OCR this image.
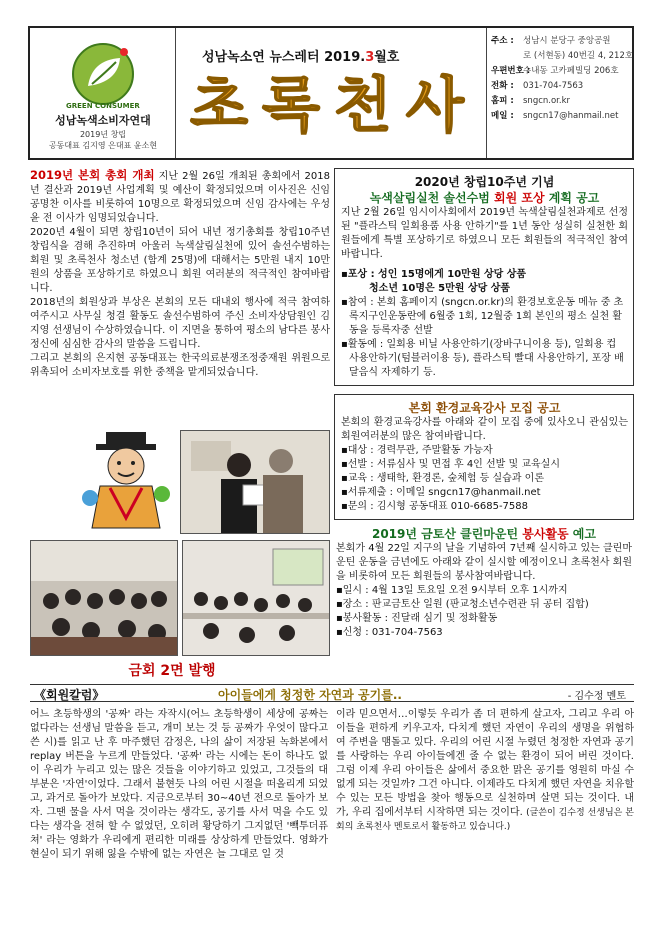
GREEN CONSUMER
성남녹색소비자연대
2019년 창립
공동대표 김지영 은대표 윤소현
성남녹소연 뉴스레터 2019.3월호
초록천사
주소 :	성남시 분당구 중앙공원
로 (서현동) 40번길 4, 212호
우편번호 :
수내동 고카페빌딩 206호
전화 :	031-704-7563
홈피 :	sngcn.or.kr
메일 :	sngcn17@hanmail.net

2019년 본회 총회 개최 지난 2월 26일 개최된 총회에서 2018년 결산과 2019년 사업계획 및 예산이 확정되었으며 이사진은 신임 공명찬 이사를 비롯하여 10명으로 확정되었으며 신임 감사에는 우성윤 전 이사가 임명되었습니다.

2020년 4월이 되면 창립10년이 되어 내년 정기총회를 창립10주년 창립식을 겸해 추진하며 아울러 녹색살림실천에 있어 솔선수범하는 회원 및 초록천사 청소년 (함계 25명)에 대해서는 5만원 내지 10만원의 상품을 포상하기로 하였으니 회원 여러분의 적극적인 참여바랍니다.

2018년의 회원상과 부상은 본회의 모든 대내외 행사에 적극 참여하여주시고 사무실 청결 활동도 솔선수범하여 주신 소비자상담원인 김지영 선생님이 수상하였습니다. 이 지면을 통하여 평소의 남다른 봉사정신에 심심한 감사의 말씀을 드립니다.

그리고 본회의 은지현 공동대표는 한국의료분쟁조정중재원 위원으로 위촉되어 소비자보호를 위한 중책을 맡게되었습니다.

금회 2면 발행
2020년 창립10주년 기념
녹색살림실천 솔선수범 회원 포상 계획 공고

지난 2월 26일 임시이사회에서 2019년 녹색살림실천과제로 선정된 "플라스틱 일회용품 사용 안하기"를 1년 동안 성실히 실천한 회원들에게 특별 포상하기로 하였으니 모든 회원들의 적극적인 참여바랍니다.

▪포상 : 성인 15명에게 10만원 상당 상품
청소년 10명은 5만원 상당 상품
▪참여 : 본회 홈페이지 (sngcn.or.kr)의 환경보호운동 메뉴 중 초록지구인운동란에 6월중 1회, 12월중 1회 본인의 평소 실천 활동을 등록자중 선발
▪활동예 : 일회용 비닐 사용안하기(장바구니이용 등), 일회용 컵 사용안하기(텀블러이용 등), 플라스틱 빨대 사용안하기, 포장 배달음식 자제하기 등.
본회 환경교육강사 모집 공고

본회의 환경교육강사를 아래와 같이 모집 중에 있사오니 관심있는 회원여러분의 많은 참여바랍니다.

▪대상 : 경력무관, 주말활동 가능자
▪선발 : 서류심사 및 면접 후 4인 선발 및 교육실시
▪교육 : 생태학, 환경론, 숲체험 등 실습과 이론
▪서류제출 : 이메일 sngcn17@hanmail.net
▪문의 : 김시형 공동대표 010-6685-7588
2019년 금토산 클린마운틴 봉사활동 예고

본회가 4월 22일 지구의 날을 기념하여 7년째 실시하고 있는 클린마운틴 운동을 금년에도 아래와 같이 실시할 예정이오니 초록천사 회원을 비롯하여 모든 회원들의 봉사참여바랍니다.

▪일시 : 4월 13일 토요일 오전 9시부터 오후 1시까지
▪장소 : 판교금토산 일원 (판교청소년수련관 뒤 공터 집합)
▪봉사활동 : 진달래 심기 및 정화활동
▪신청 : 031-704-7563
《회원칼럼》	아이들에게 청정한 자연과 공기를..	- 김수정 멘토

어느 초등학생의 '공짜' 라는 자작시(어느 초등학생이 세상에 공짜는 없다라는 선생님 말씀을 듣고, 개미 보는 것 등 공짜가 우엇이 많다고 쓴 시)를 읽고 난 후 마주했던 감정은, 나의 삶이 저장된 녹화본에서 replay 버튼을 누르게 만들었다. '공짜' 라는 시에는 돈이 하나도 없이 우리가 누리고 있는 많은 것들을 이야기하고 있었고, 그것들의 대부분은 '자연'이었다. 그래서 불현듯 나의 어린 시절을 떠올리게 되었고, 과거로 돌아가 보았다. 지금으로부터 30~40년 전으로 돌아가 보자. 그땐 물을 사서 먹을 것이라는 생각도, 공기를 사서 먹을 수도 있다는 생각을 전혀 할 수 없었던, 오히려 황당하기 그지없던 '빽투더퓨쳐' 라는 영화가 우리에게 편리한 미래를 상상하게 만들었다. 영화가 현실이 되기 위해 잃을 수밖에 없는 자연은 늘 그대로 일 것

이라 믿으면서…이렇듯 우리가 좀 더 편하게 살고자, 그리고 우리 아이들을 편하게 키우고자, 다치게 했던 자연이 우리의 생명을 위협하여 주변을 맴돌고 있다. 우리의 어린 시절 누렸던 청정한 자연과 공기를 사랑하는 우리 아이들에겐 줄 수 없는 환경이 되어 버린 것이다. 그럼 이제 우리 아이들은 삶에서 중요한 맑은 공기를 영원히 마실 수 없게 되는 것일까? 그건 아니다. 이제라도 다치게 했던 자연을 치유할 수 있는 모든 방법을 찾아 행동으로 실천하며 살면 되는 것이다. 내가, 우리 집에서부터 시작하면 되는 것이다. (글쓴이 김수정 선생님은 본회의 초록천사 멘토로서 활동하고 있습니다.)
